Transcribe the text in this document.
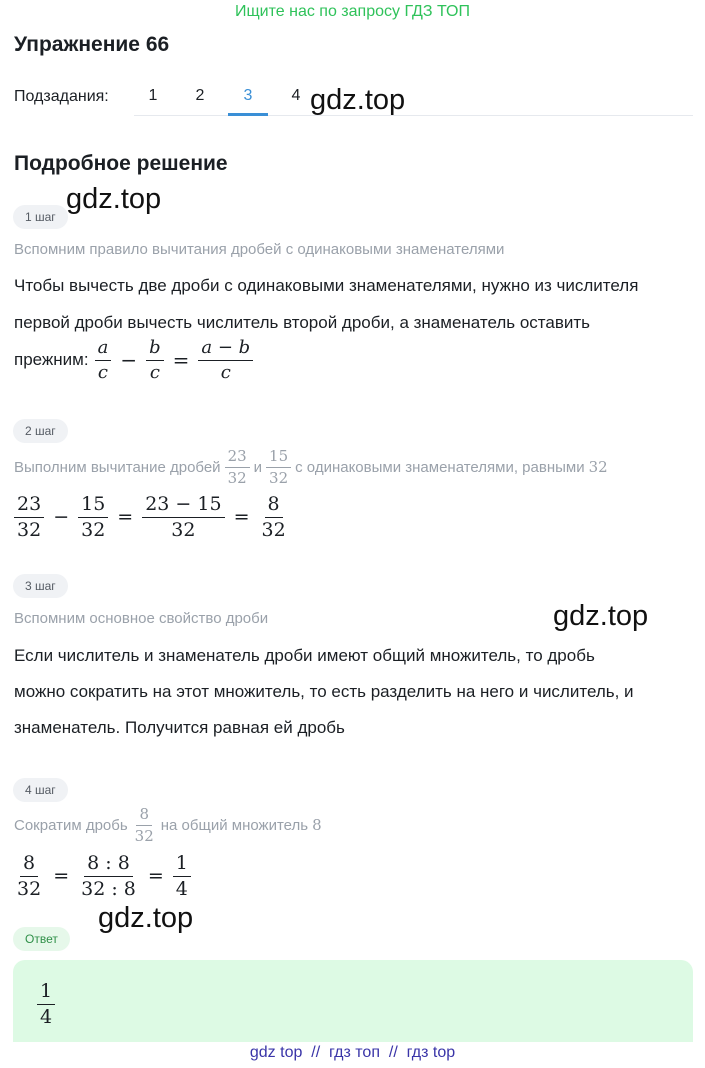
Ищите нас по запросу ГДЗ ТОП
Упражнение 66
Подзадания:	1	2	3	4 gdz.top
Подробное решение
1 шаг
gdz.top
Вспомним правило вычитания дробей с одинаковыми знаменателями
Чтобы вычесть две дроби с одинаковыми знаменателями, нужно из числителя
первой дроби вычесть числитель второй дроби, а знаменатель оставить
прежним: $\frac{a}{c} - \frac{b}{c} = \frac{a - b}{c}$
2 шаг
Выполним вычитание дробей $\frac{23}{32}$ и $\frac{15}{32}$ с одинаковыми знаменателями, равными 32
$\frac{23}{32} - \frac{15}{32} = \frac{23 - 15}{32} = \frac{8}{32}$
3 шаг
Вспомним основное свойство дроби	gdz.top
Если числитель и знаменатель дроби имеют общий множитель, то дробь
можно сократить на этот множитель, то есть разделить на него и числитель, и
знаменатель. Получится равная ей дробь
4 шаг
Сократим дробь $\frac{8}{32}$ на общий множитель 8
$\frac{8}{32} = \frac{8 : 8}{32 : 8} = \frac{1}{4}$
gdz.top
Ответ
$\frac{1}{4}$
gdz top  //  гдз топ  //  гдз top
